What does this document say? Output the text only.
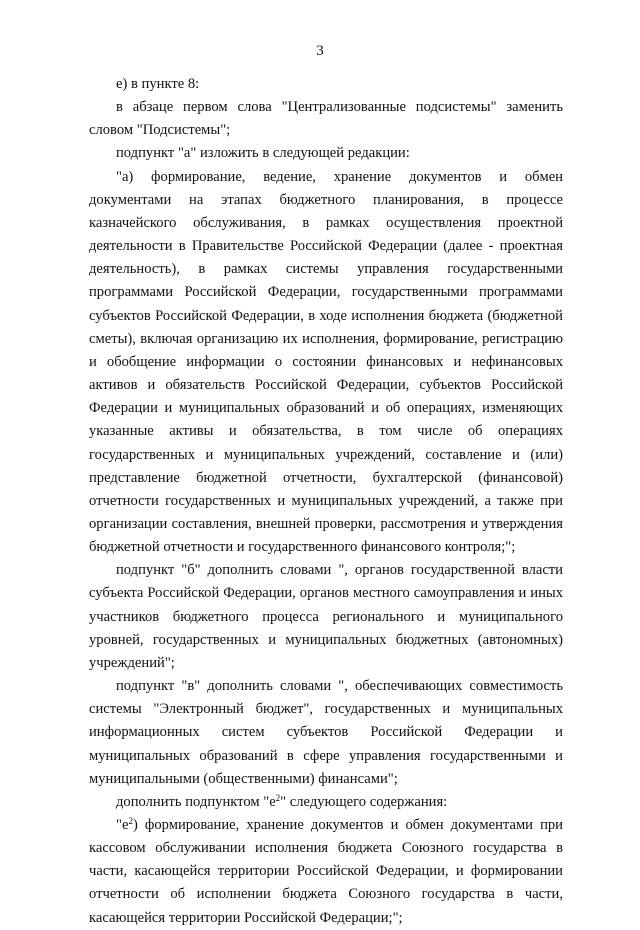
3

е) в пункте 8:

в абзаце первом слова "Централизованные подсистемы" заменить словом "Подсистемы";

подпункт "а" изложить в следующей редакции:

"а) формирование, ведение, хранение документов и обмен документами на этапах бюджетного планирования, в процессе казначейского обслуживания, в рамках осуществления проектной деятельности в Правительстве Российской Федерации (далее - проектная деятельность), в рамках системы управления государственными программами Российской Федерации, государственными программами субъектов Российской Федерации, в ходе исполнения бюджета (бюджетной сметы), включая организацию их исполнения, формирование, регистрацию и обобщение информации о состоянии финансовых и нефинансовых активов и обязательств Российской Федерации, субъектов Российской Федерации и муниципальных образований и об операциях, изменяющих указанные активы и обязательства, в том числе об операциях государственных и муниципальных учреждений, составление и (или) представление бюджетной отчетности, бухгалтерской (финансовой) отчетности государственных и муниципальных учреждений, а также при организации составления, внешней проверки, рассмотрения и утверждения бюджетной отчетности и государственного финансового контроля;";

подпункт "б" дополнить словами ", органов государственной власти субъекта Российской Федерации, органов местного самоуправления и иных участников бюджетного процесса регионального и муниципального уровней, государственных и муниципальных бюджетных (автономных) учреждений";

подпункт "в" дополнить словами ", обеспечивающих совместимость системы "Электронный бюджет", государственных и муниципальных информационных систем субъектов Российской Федерации и муниципальных образований в сфере управления государственными и муниципальными (общественными) финансами";

дополнить подпунктом "$е^2$" следующего содержания:

"$е^2$) формирование, хранение документов и обмен документами при кассовом обслуживании исполнения бюджета Союзного государства в части, касающейся территории Российской Федерации, и формировании отчетности об исполнении бюджета Союзного государства в части, касающейся территории Российской Федерации;";
